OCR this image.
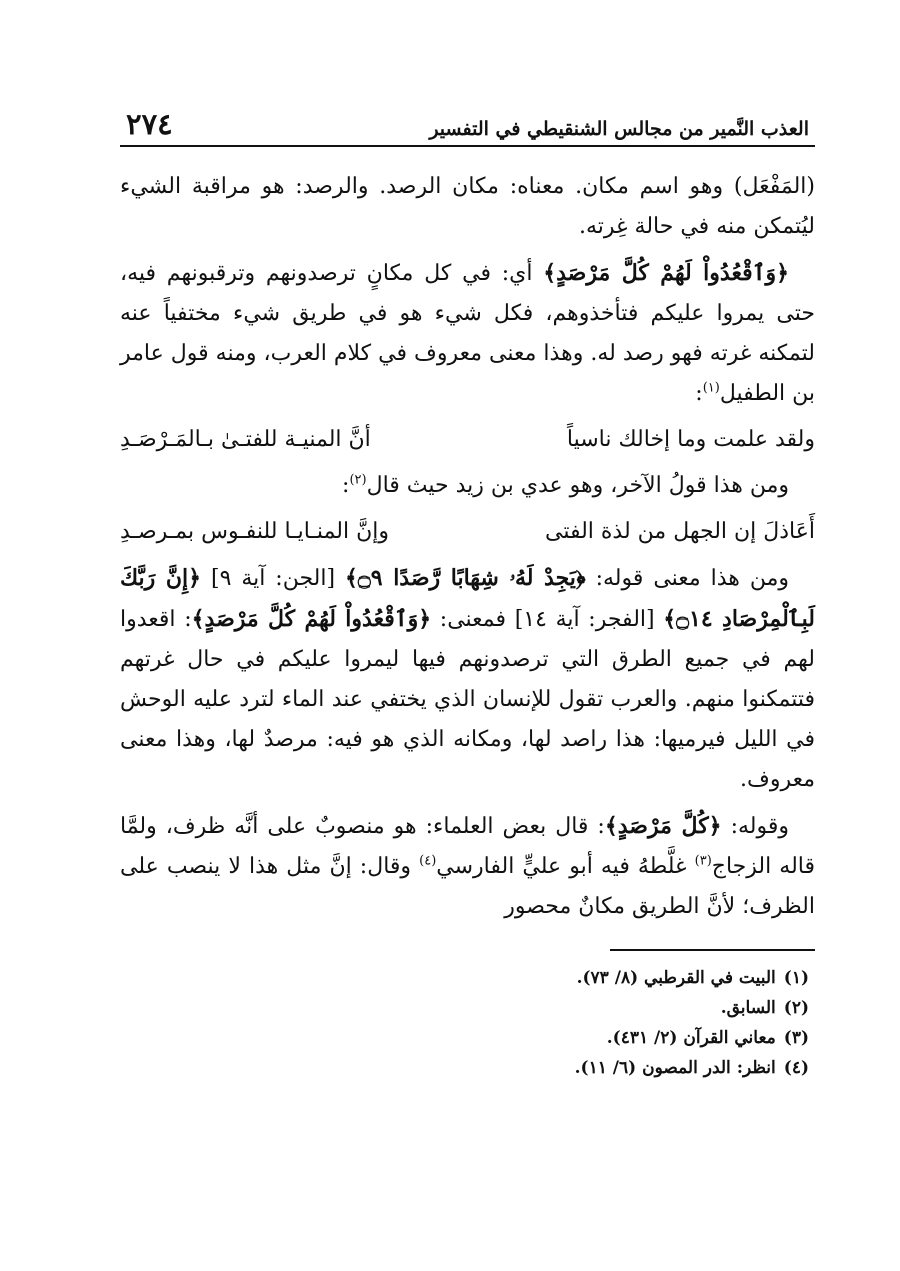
العذب النَّمير من مجالس الشنقيطي في التفسير
٢٧٤

(المَفْعَل) وهو اسم مكان. معناه: مكان الرصد. والرصد: هو مراقبة الشيء ليُتمكن منه في حالة غِرته.

﴿وَٱقْعُدُواْ لَهُمْ كُلَّ مَرْصَدٍ﴾ أي: في كل مكانٍ ترصدونهم وترقبونهم فيه، حتى يمروا عليكم فتأخذوهم، فكل شيء هو في طريق شيء مختفياً عنه لتمكنه غرته فهو رصد له. وهذا معنى معروف في كلام العرب، ومنه قول عامر بن الطفيل$^{(١)}$:

ولقد علمت وما إخالك ناسياً
أنَّ المنيـة للفتـىٰ بـالمَـرْصَـدِ

ومن هذا قولُ الآخر، وهو عدي بن زيد حيث قال$^{(٢)}$:

أَعَاذلَ إن الجهل من لذة الفتى
وإنَّ المنـايـا للنفـوس بمـرصـدِ

ومن هذا معنى قوله: ﴿يَجِدْ لَهُۥ شِهَابًا رَّصَدًا ۝٩﴾ [الجن: آية ٩] ﴿إِنَّ رَبَّكَ لَبِٱلْمِرْصَادِ ۝١٤﴾ [الفجر: آية ١٤] فمعنى: ﴿وَٱقْعُدُواْ لَهُمْ كُلَّ مَرْصَدٍ﴾: اقعدوا لهم في جميع الطرق التي ترصدونهم فيها ليمروا عليكم في حال غرتهم فتتمكنوا منهم. والعرب تقول للإنسان الذي يختفي عند الماء لترد عليه الوحش في الليل فيرميها: هذا راصد لها، ومكانه الذي هو فيه: مرصدٌ لها، وهذا معنى معروف.

وقوله: ﴿كُلَّ مَرْصَدٍ﴾: قال بعض العلماء: هو منصوبٌ على أنَّه ظرف، ولمَّا قاله الزجاج$^{(٣)}$ غلَّطهُ فيه أبو عليٍّ الفارسي$^{(٤)}$ وقال: إنَّ مثل هذا لا ينصب على الظرف؛ لأنَّ الطريق مكانٌ محصور

(١)البيت في القرطبي (٨/ ٧٣).
(٢)السابق.
(٣)معاني القرآن (٢/ ٤٣١).
(٤)انظر: الدر المصون (٦/ ١١).
